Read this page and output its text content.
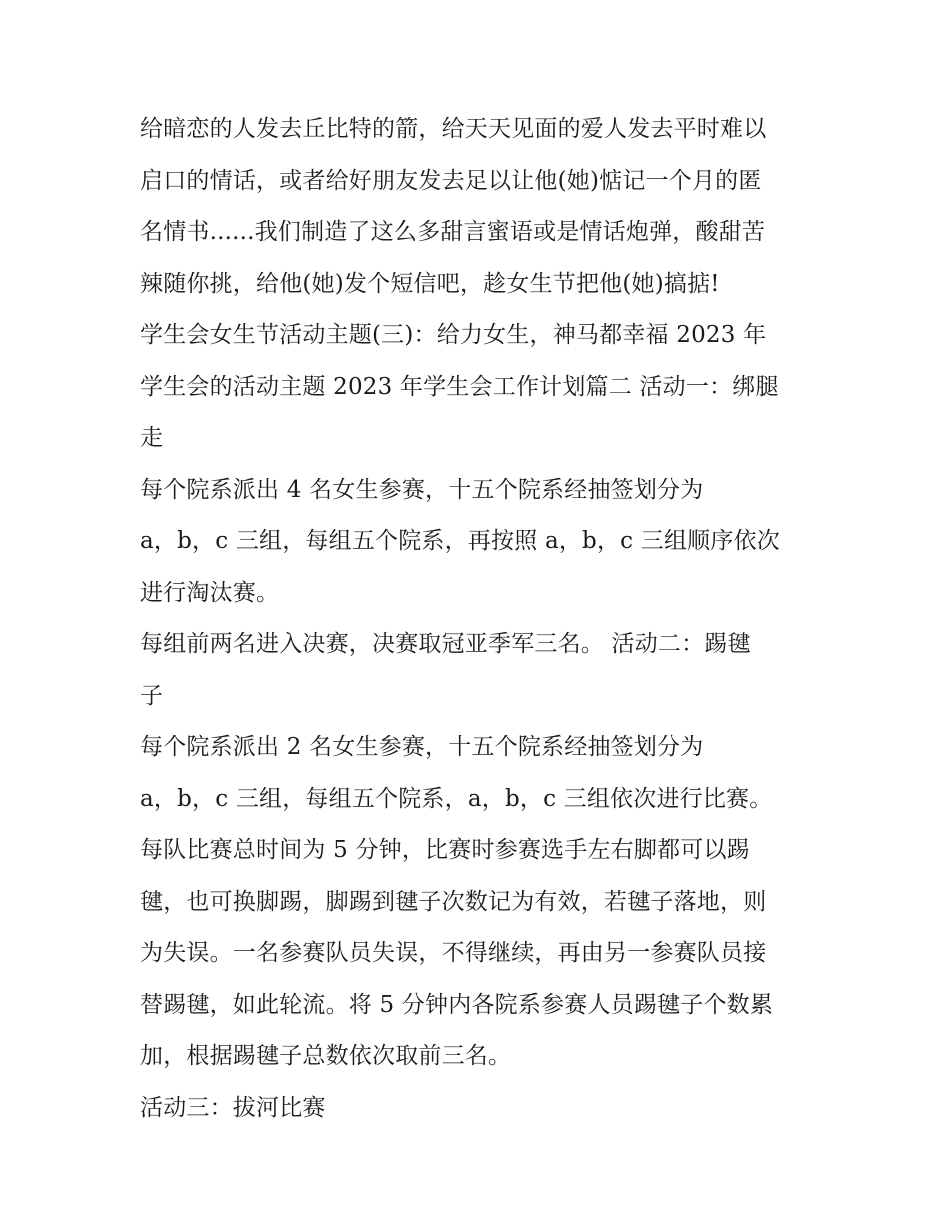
给暗恋的人发去丘比特的箭，给天天见面的爱人发去平时难以
启口的情话，或者给好朋友发去足以让他(她)惦记一个月的匿
名情书......我们制造了这么多甜言蜜语或是情话炮弹，酸甜苦
辣随你挑，给他(她)发个短信吧，趁女生节把他(她)搞掂!
学生会女生节活动主题(三)：给力女生，神马都幸福 2023 年
学生会的活动主题 2023 年学生会工作计划篇二 活动一：绑腿
走
每个院系派出 4 名女生参赛，十五个院系经抽签划分为
a，b，c 三组，每组五个院系，再按照 a，b，c 三组顺序依次
进行淘汰赛。
每组前两名进入决赛，决赛取冠亚季军三名。 活动二：踢毽
子
每个院系派出 2 名女生参赛，十五个院系经抽签划分为
a，b，c 三组，每组五个院系，a，b，c 三组依次进行比赛。
每队比赛总时间为 5 分钟，比赛时参赛选手左右脚都可以踢
毽，也可换脚踢，脚踢到毽子次数记为有效，若毽子落地，则
为失误。一名参赛队员失误，不得继续，再由另一参赛队员接
替踢毽，如此轮流。将 5 分钟内各院系参赛人员踢毽子个数累
加，根据踢毽子总数依次取前三名。
活动三：拔河比赛
